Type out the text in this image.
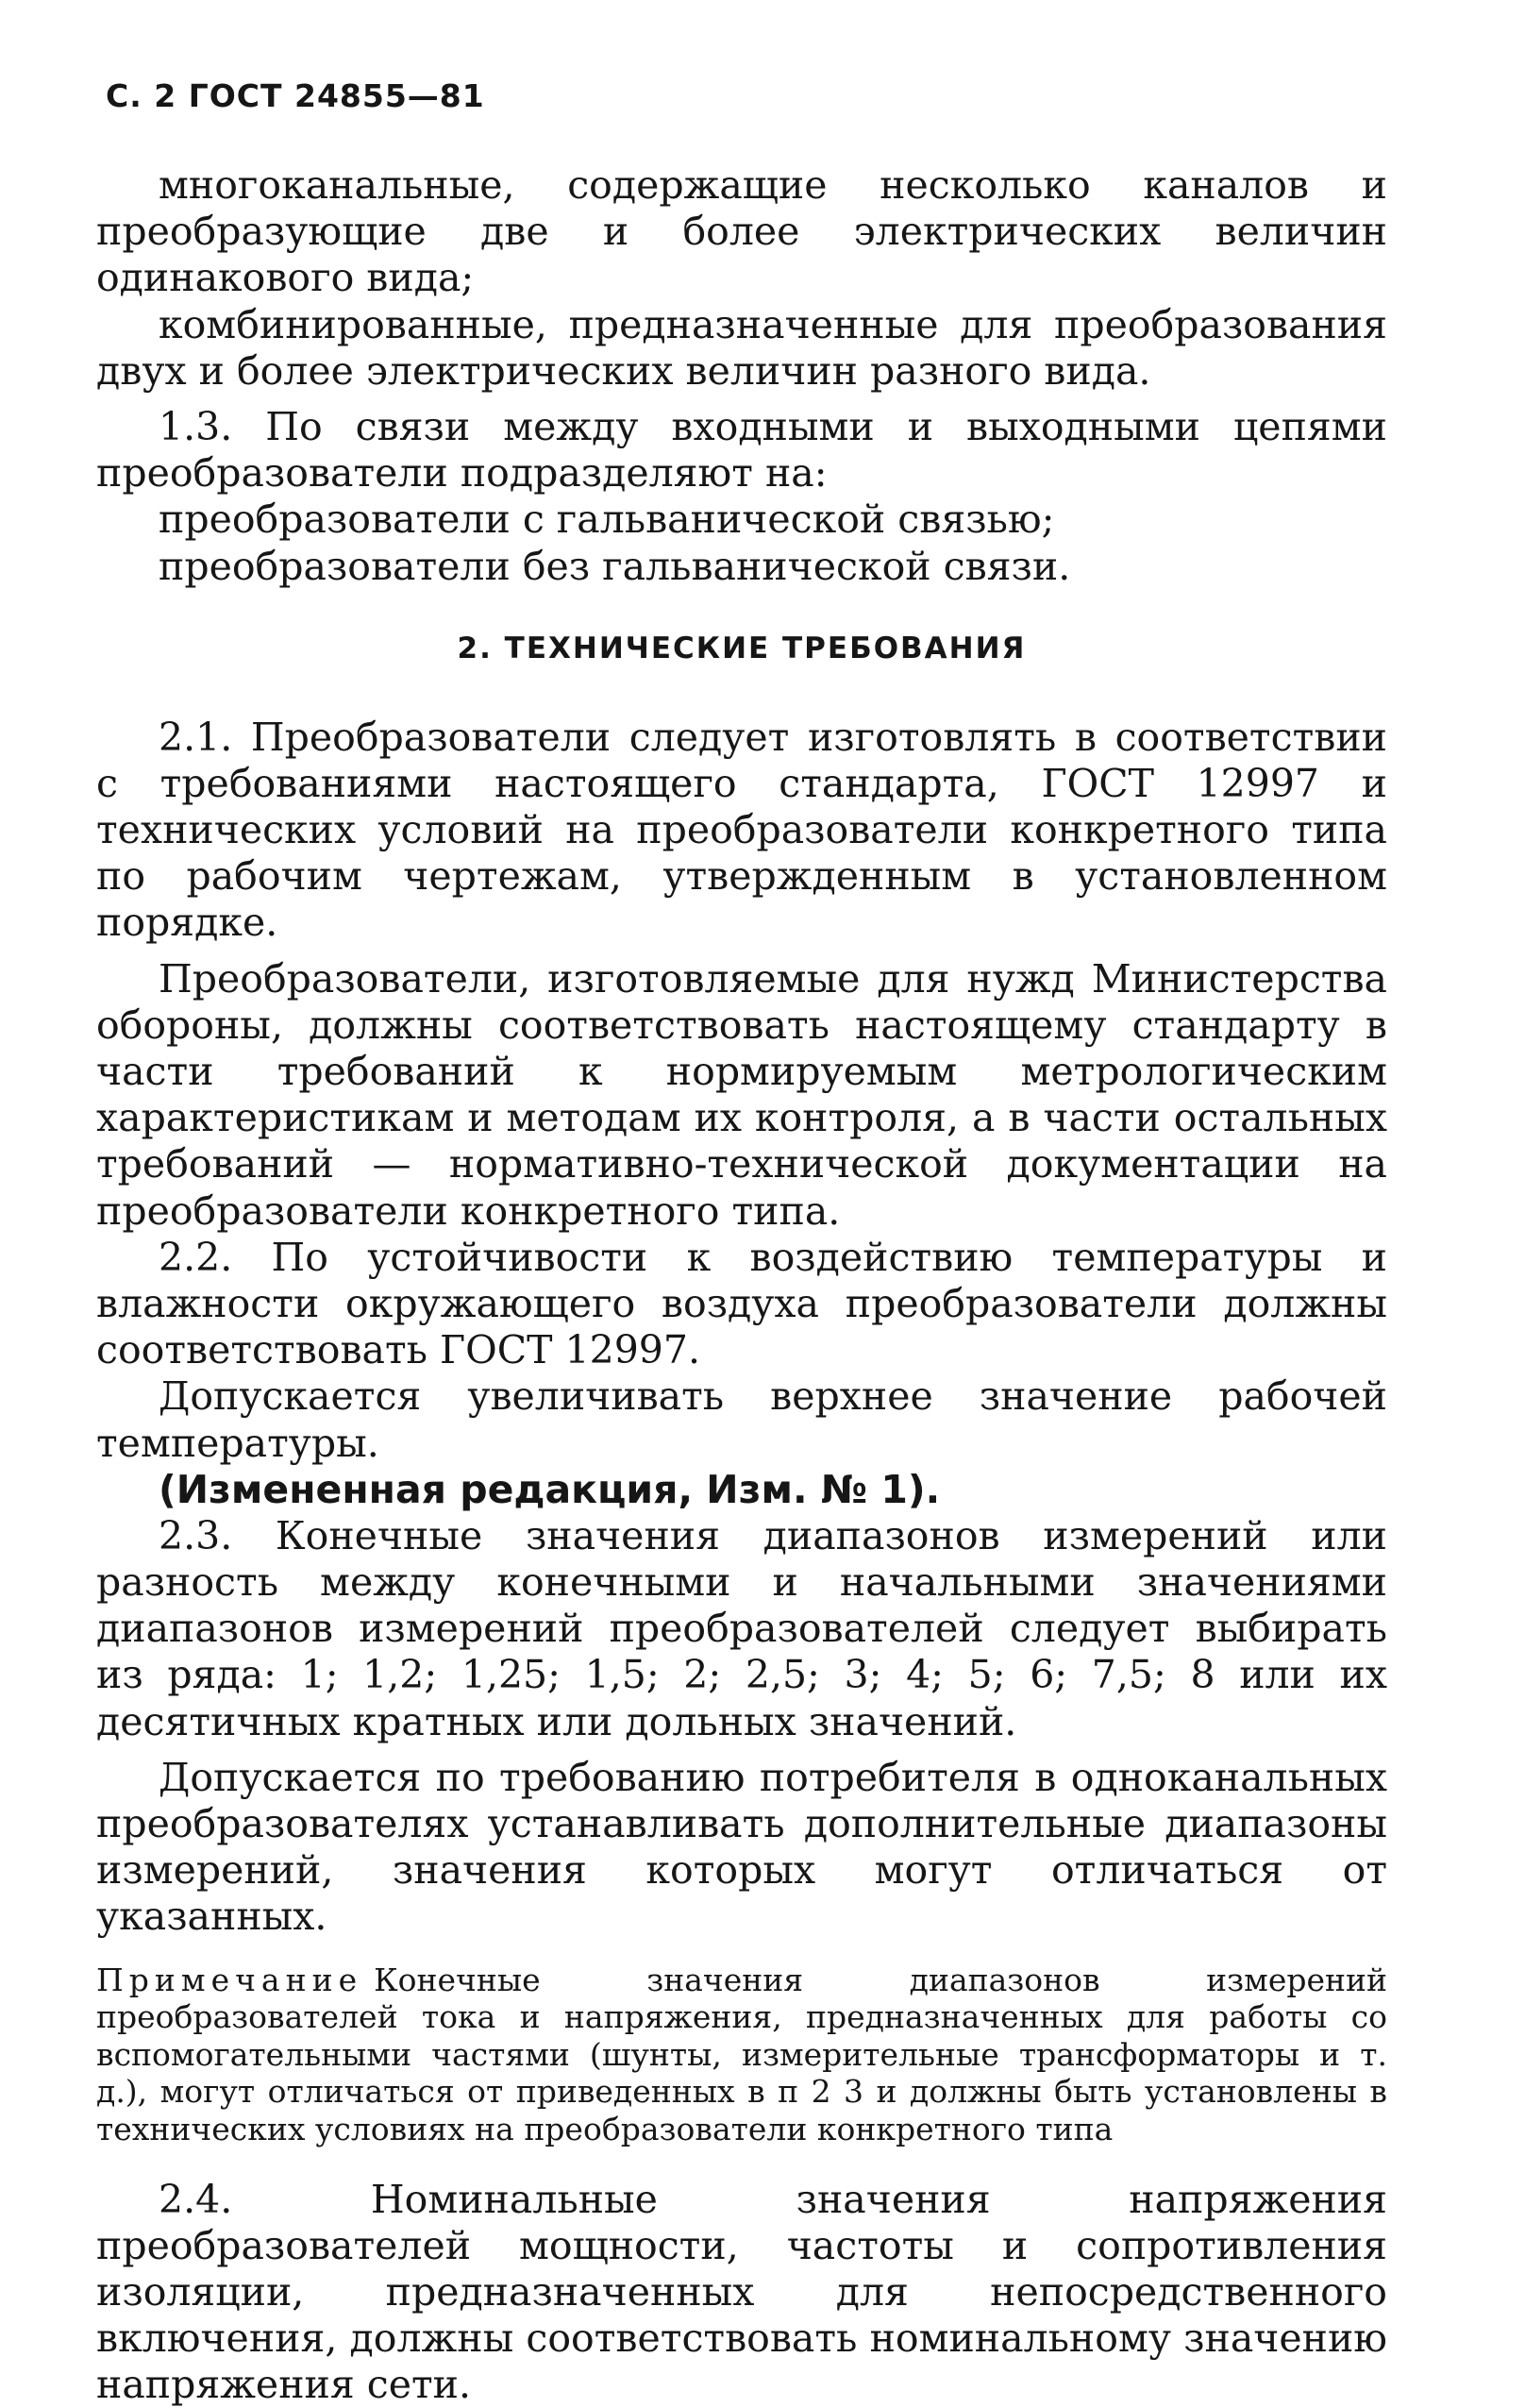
С. 2 ГОСТ 24855—81

многоканальные, содержащие несколько каналов и преобразующие две и более электрических величин одинакового вида;

комбинированные, предназначенные для преобразования двух и более электрических величин разного вида.

1.3. По связи между входными и выходными цепями преобразователи подразделяют на:

преобразователи с гальванической связью;

преобразователи без гальванической связи.

2. ТЕХНИЧЕСКИЕ ТРЕБОВАНИЯ

2.1. Преобразователи следует изготовлять в соответствии с требованиями настоящего стандарта, ГОСТ 12997 и технических условий на преобразователи конкретного типа по рабочим чертежам, утвержденным в установленном порядке.

Преобразователи, изготовляемые для нужд Министерства обороны, должны соответствовать настоящему стандарту в части требований к нормируемым метрологическим характеристикам и методам их контроля, а в части остальных требований — нормативно-технической документации на преобразователи конкретного типа.

2.2. По устойчивости к воздействию температуры и влажности окружающего воздуха преобразователи должны соответствовать ГОСТ 12997.

Допускается увеличивать верхнее значение рабочей температуры.

(Измененная редакция, Изм. № 1).

2.3. Конечные значения диапазонов измерений или разность между конечными и начальными значениями диапазонов измерений преобразователей следует выбирать из ряда: 1; 1,2; 1,25; 1,5; 2; 2,5; 3; 4; 5; 6; 7,5; 8 или их десятичных кратных или дольных значений.

Допускается по требованию потребителя в одноканальных преобразователях устанавливать дополнительные диапазоны измерений, значения которых могут отличаться от указанных.

Примечание Конечные значения диапазонов измерений преобразователей тока и напряжения, предназначенных для работы со вспомогательными частями (шунты, измерительные трансформаторы и т. д.), могут отличаться от приведенных в п 2 3 и должны быть установлены в технических условиях на преобразователи конкретного типа

2.4. Номинальные значения напряжения преобразователей мощности, частоты и сопротивления изоляции, предназначенных для непосредственного включения, должны соответствовать номинальному значению напряжения сети.
